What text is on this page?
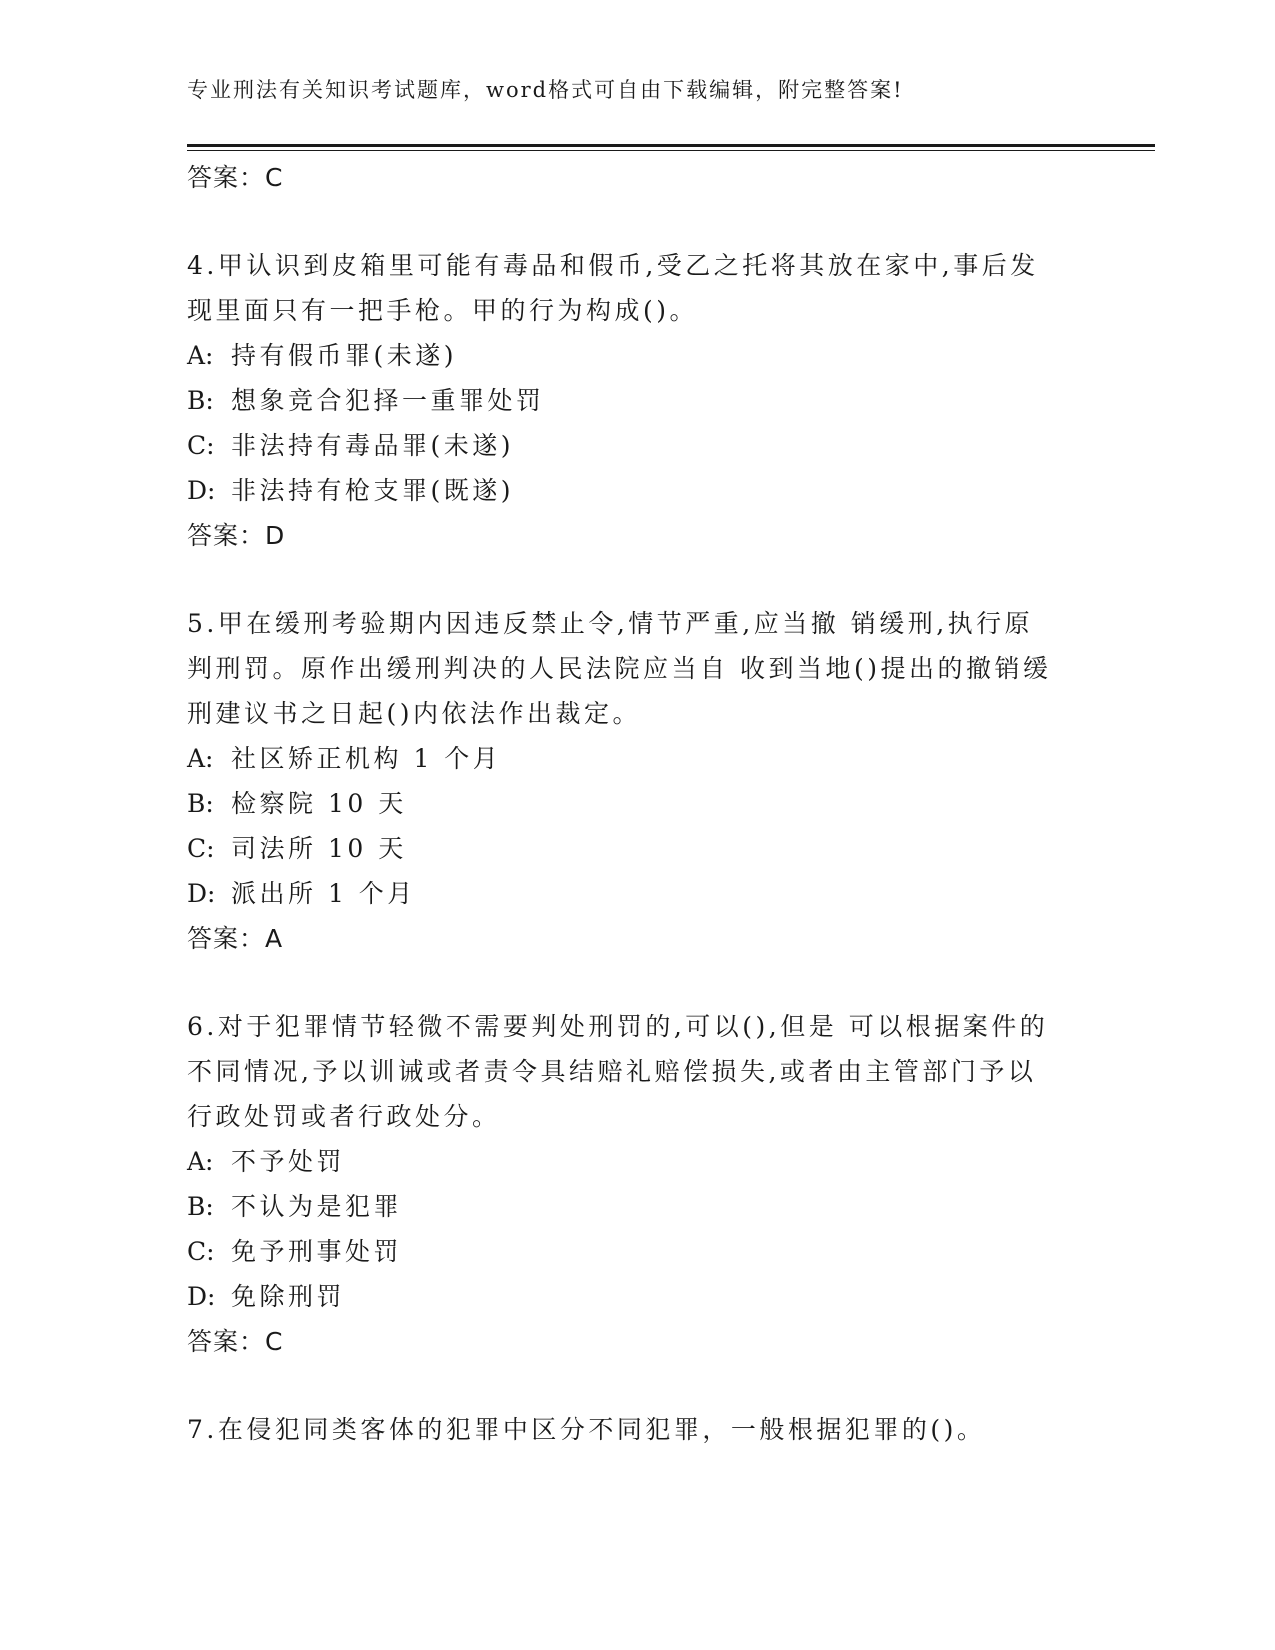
专业刑法有关知识考试题库，word格式可自由下载编辑，附完整答案!
答案：C
4.甲认识到皮箱里可能有毒品和假币,受乙之托将其放在家中,事后发
现里面只有一把手枪。甲的行为构成()。
A: 持有假币罪(未遂)
B: 想象竞合犯择一重罪处罚
C: 非法持有毒品罪(未遂)
D: 非法持有枪支罪(既遂)
答案：D
5.甲在缓刑考验期内因违反禁止令,情节严重,应当撤 销缓刑,执行原
判刑罚。原作出缓刑判决的人民法院应当自 收到当地()提出的撤销缓
刑建议书之日起()内依法作出裁定。
A: 社区矫正机构 1 个月
B: 检察院 10 天
C: 司法所 10 天
D: 派出所 1 个月
答案：A
6.对于犯罪情节轻微不需要判处刑罚的,可以(),但是 可以根据案件的
不同情况,予以训诫或者责令具结赔礼赔偿损失,或者由主管部门予以
行政处罚或者行政处分。
A: 不予处罚
B: 不认为是犯罪
C: 免予刑事处罚
D: 免除刑罚
答案：C
7.在侵犯同类客体的犯罪中区分不同犯罪，一般根据犯罪的()。
